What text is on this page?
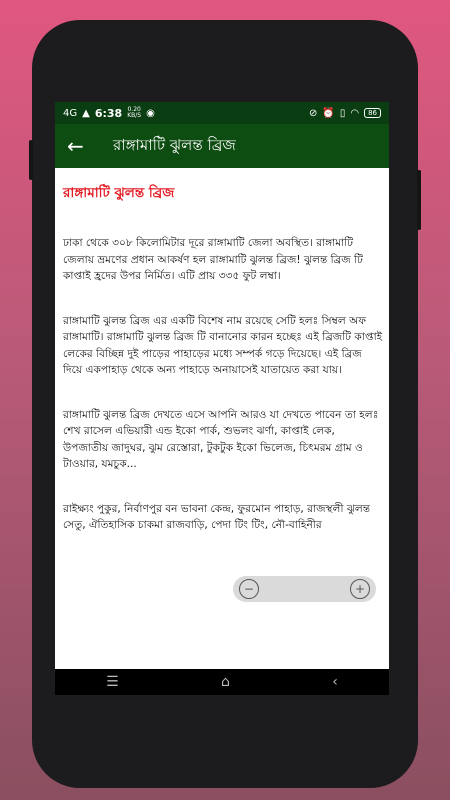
4G ▲ 6:38 0.20
KB/S ◉	⊘ ⏰ ▯ ◠	86
←	রাঙ্গামাটি ঝুলন্ত ব্রিজ
রাঙ্গামাটি ঝুলন্ত ব্রিজ

ঢাকা থেকে ৩০৮ কিলোমিটার দূরে রাঙ্গামাটি জেলা অবস্থিত। রাঙ্গামাটি জেলায় ভ্রমণের প্রধান আকর্ষণ হল রাঙ্গামাটি ঝুলন্ত ব্রিজ! ঝুলন্ত ব্রিজ টি কাপ্তাই হ্রদের উপর নির্মিত। এটি প্রায় ৩৩৫ ফুট লম্বা।

রাঙ্গামাটি ঝুলন্ত ব্রিজ এর একটি বিশেষ নাম রয়েছে সেটি হলঃ সিম্বল অফ রাঙ্গামাটি। রাঙ্গামাটি ঝুলন্ত ব্রিজ টি বানানোর কারন হচ্ছেঃ এই ব্রিজটি কাপ্তাই লেকের বিচ্ছিন্ন দুই পাড়ের পাহাড়ের মধ্যে সম্পর্ক গড়ে দিয়েছে। এই ব্রিজ দিয়ে একপাহাড় থেকে অন্য পাহাড়ে অনায়াসেই যাতায়েত করা যায়।

রাঙ্গামাটি ঝুলন্ত ব্রিজ দেখতে এসে আপনি আরও যা দেখতে পাবেন তা হলঃ শেখ রাসেল এভিয়ারী এন্ড ইকো পার্ক, শুভলং ঝর্ণা, কাপ্তাই লেক, উপজাতীয় জাদুঘর, ঝুম রেস্তোরা, টুকটুক ইকো ভিলেজ, চিৎমরম গ্রাম ও টাওয়ার, যমচুক...

রাইক্ষ্যং পুকুর, নির্বাণপুর বন ভাবনা কেন্দ্র, ফুরমোন পাহাড়, রাজস্থলী ঝুলন্ত সেতু, ঐতিহাসিক চাকমা রাজবাড়ি, পেদা টিং টিং, নৌ-বাহিনীর

−	+
☰	⌂	‹
